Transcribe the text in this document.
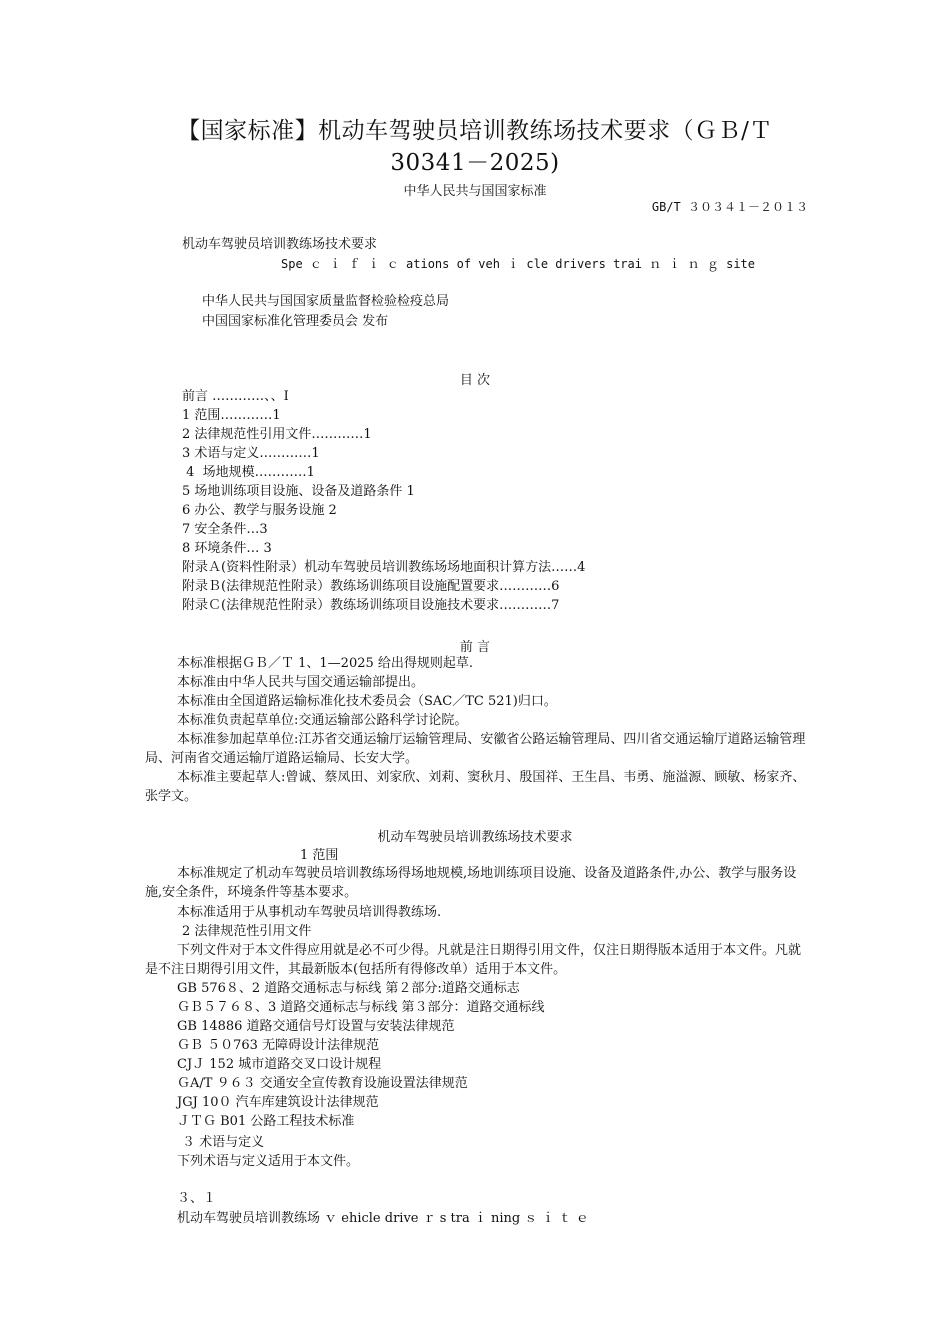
【国家标准】机动车驾驶员培训教练场技术要求（ＧＢ/Ｔ
30341－2025)
中华人民共与国国家标准
GB/T ３０３４１－２０１３
机动车驾驶员培训教练场技术要求
Spe ｃ ｉ ｆ ｉ ｃ ations of veh ｉ cle drivers trai ｎ ｉ ｎ ｇ site
中华人民共与国国家质量监督检验检疫总局
中国国家标准化管理委员会 发布
目 次
前言 …………、、I
1 范围…………1
2 法律规范性引用文件…………1
3 术语与定义…………1
4  场地规模…………1
5 场地训练项目设施、设备及道路条件 1
6 办公、教学与服务设施 2
7 安全条件…3
8 环境条件… 3
附录Ａ(资料性附录）机动车驾驶员培训教练场场地面积计算方法……4
附录Ｂ(法律规范性附录）教练场训练项目设施配置要求…………6
附录Ｃ(法律规范性附录）教练场训练项目设施技术要求…………7
前 言
本标准根据ＧＢ／Ｔ 1、1—2025 给出得规则起草.
本标准由中华人民共与国交通运输部提出。
本标准由全国道路运输标准化技术委员会（SAC／TC 521)归口。
本标准负责起草单位:交通运输部公路科学讨论院。
本标准参加起草单位:江苏省交通运输厅运输管理局、安徽省公路运输管理局、四川省交通运输厅道路运输管理局、河南省交通运输厅道路运输局、长安大学。
本标准主要起草人:曾诚、蔡凤田、刘家欣、刘莉、窦秋月、殷国祥、王生昌、韦勇、施溢源、顾敏、杨家齐、张学文。
机动车驾驶员培训教练场技术要求
1 范围
本标准规定了机动车驾驶员培训教练场得场地规模,场地训练项目设施、设备及道路条件,办公、教学与服务设施,安全条件，环境条件等基本要求。
本标准适用于从事机动车驾驶员培训得教练场.
2 法律规范性引用文件
下列文件对于本文件得应用就是必不可少得。凡就是注日期得引用文件，仅注日期得版本适用于本文件。凡就是不注日期得引用文件，其最新版本(包括所有得修改单）适用于本文件。
GB 576８、2 道路交通标志与标线 第２部分:道路交通标志
ＧＢ５７６８、3 道路交通标志与标线 第３部分：道路交通标线
GB 14886 道路交通信号灯设置与安装法律规范
ＧＢ ５０763 无障碍设计法律规范
CJＪ 152 城市道路交叉口设计规程
ＧA/T ９６３ 交通安全宣传教育设施设置法律规范
JGJ 10０ 汽车库建筑设计法律规范
ＪＴＧ B01 公路工程技术标准
３ 术语与定义
下列术语与定义适用于本文件。
３、１
机动车驾驶员培训教练场 ｖ ehicle drive ｒ s tra ｉ ning ｓ ｉ ｔ ｅ
